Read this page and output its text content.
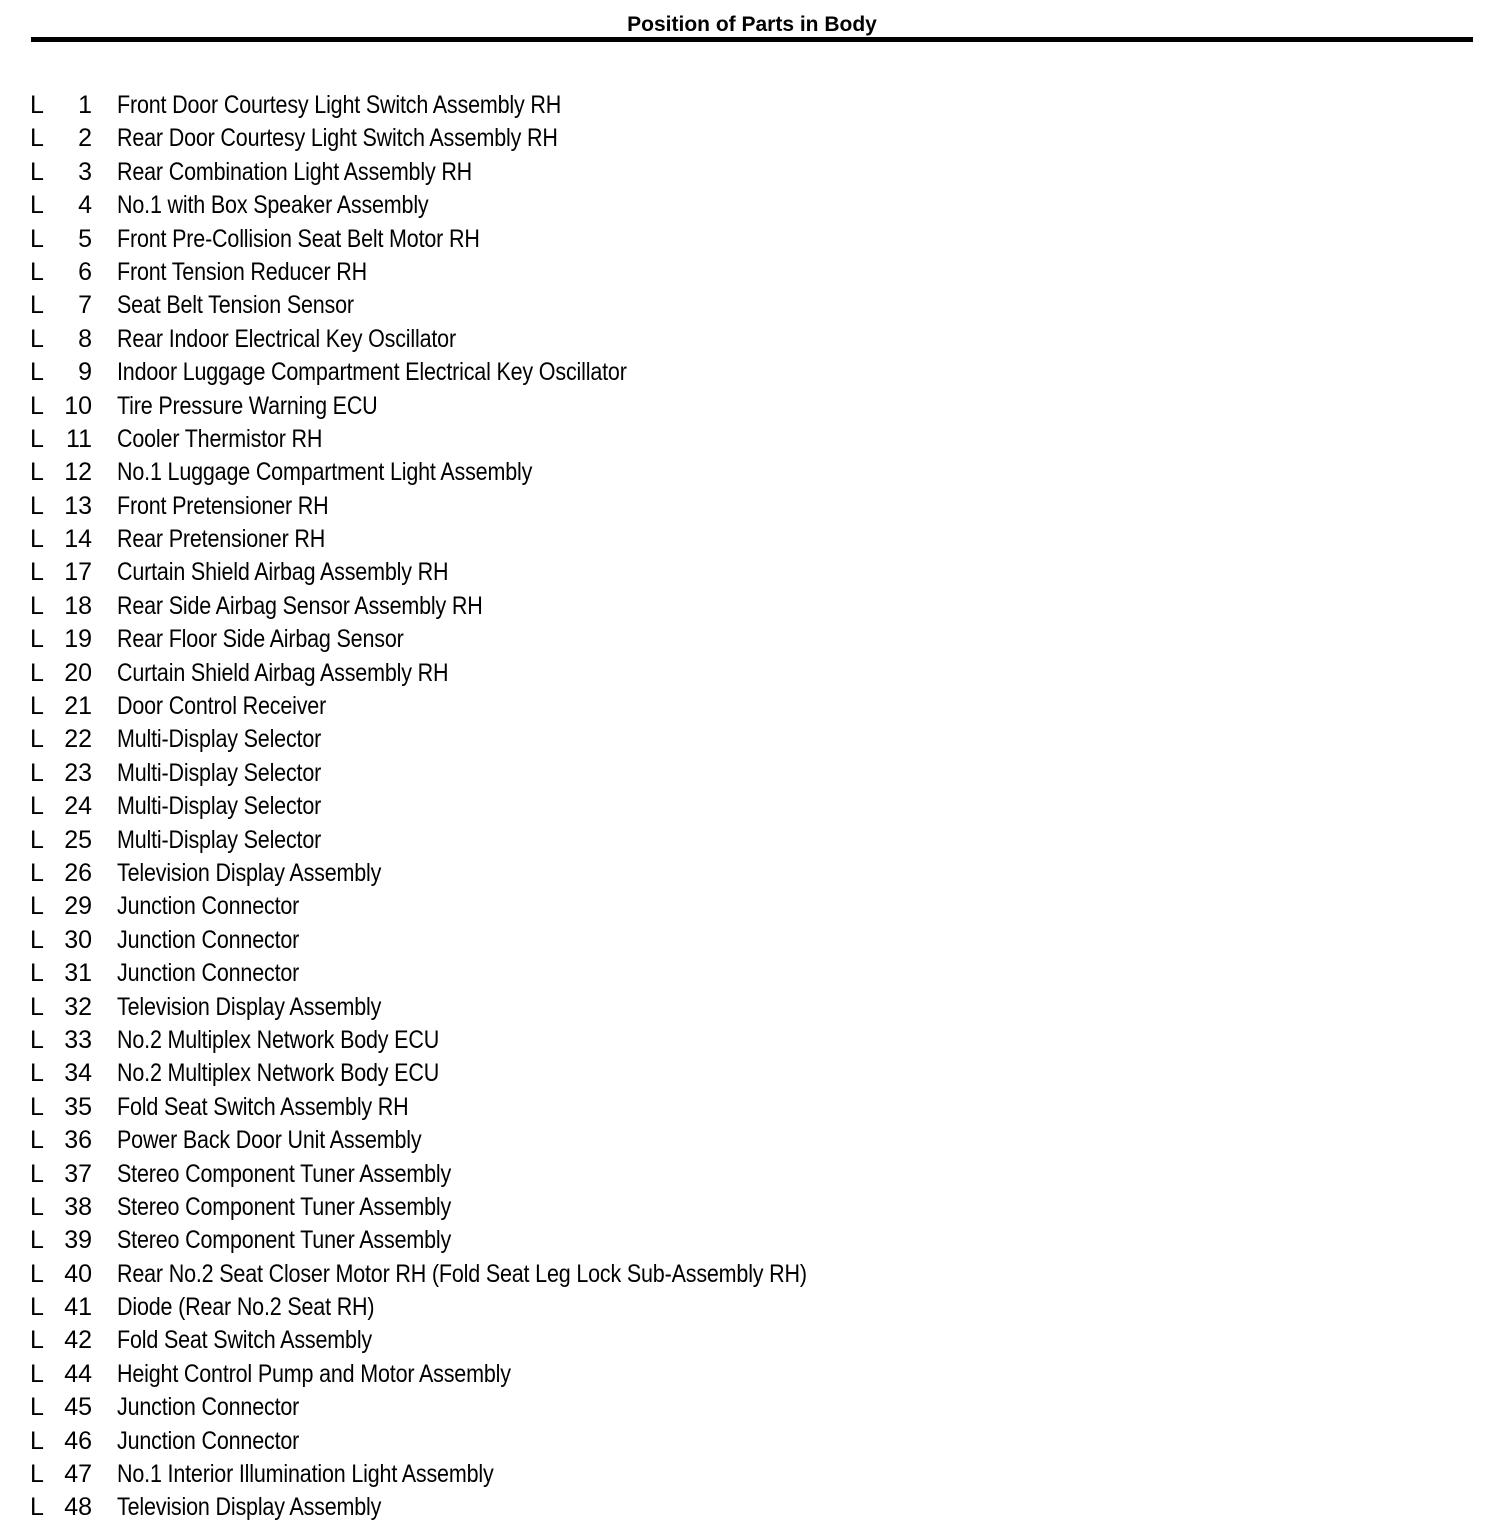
Position of Parts in Body
L	1 Front Door Courtesy Light Switch Assembly RH
L	2 Rear Door Courtesy Light Switch Assembly RH
L	3 Rear Combination Light Assembly RH
L	4 No.1 with Box Speaker Assembly
L	5 Front Pre-Collision Seat Belt Motor RH
L	6 Front Tension Reducer RH
L	7 Seat Belt Tension Sensor
L	8 Rear Indoor Electrical Key Oscillator
L	9 Indoor Luggage Compartment Electrical Key Oscillator
L 10 Tire Pressure Warning ECU
L 11 Cooler Thermistor RH
L 12 No.1 Luggage Compartment Light Assembly
L 13 Front Pretensioner RH
L 14 Rear Pretensioner RH
L 17 Curtain Shield Airbag Assembly RH
L 18 Rear Side Airbag Sensor Assembly RH
L 19 Rear Floor Side Airbag Sensor
L 20 Curtain Shield Airbag Assembly RH
L 21 Door Control Receiver
L 22 Multi-Display Selector
L 23 Multi-Display Selector
L 24 Multi-Display Selector
L 25 Multi-Display Selector
L 26 Television Display Assembly
L 29 Junction Connector
L 30 Junction Connector
L 31 Junction Connector
L 32 Television Display Assembly
L 33 No.2 Multiplex Network Body ECU
L 34 No.2 Multiplex Network Body ECU
L 35 Fold Seat Switch Assembly RH
L 36 Power Back Door Unit Assembly
L 37 Stereo Component Tuner Assembly
L 38 Stereo Component Tuner Assembly
L 39 Stereo Component Tuner Assembly
L 40 Rear No.2 Seat Closer Motor RH (Fold Seat Leg Lock Sub-Assembly RH)
L 41 Diode (Rear No.2 Seat RH)
L 42 Fold Seat Switch Assembly
L 44 Height Control Pump and Motor Assembly
L 45 Junction Connector
L 46 Junction Connector
L 47 No.1 Interior Illumination Light Assembly
L 48 Television Display Assembly
